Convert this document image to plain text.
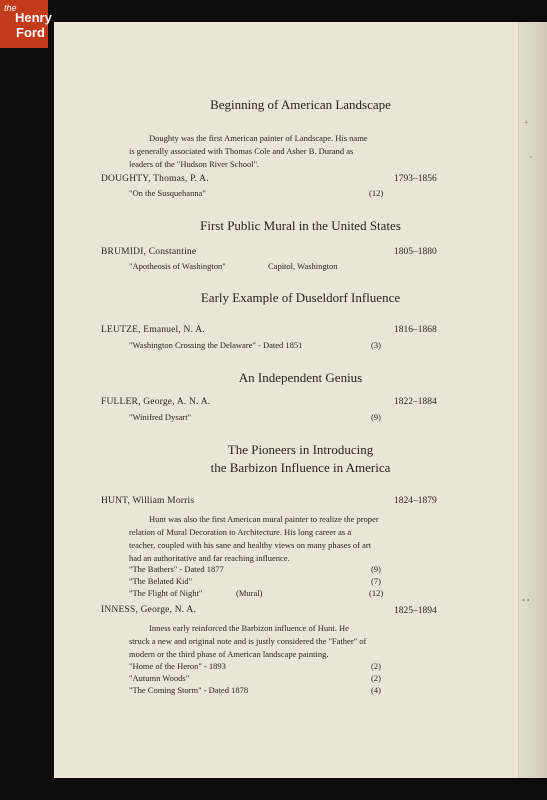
+
,
• •
the
Henry
Ford
Beginning of American Landscape
Doughty was the first American painter of Landscape. His name
is generally associated with Thomas Cole and Asher B. Durand as
leaders of the "Hudson River School".
DOUGHTY, Thomas, P. A.	1793–1856
"On the Susquehanna"	(12)
First Public Mural in the United States
BRUMIDI, Constantine	1805–1880
"Apotheosis of Washington"	Capitol, Washington
Early Example of Duseldorf Influence
LEUTZE, Emanuel, N. A.	1816–1868
"Washington Crossing the Delaware" - Dated 1851	(3)
An Independent Genius
FULLER, George, A. N. A.	1822–1884
"Winifred Dysart"	(9)
The Pioneers in Introducing
the Barbizon Influence in America
HUNT, William Morris	1824–1879
Hunt was also the first American mural painter to realize the proper
relation of Mural Decoration to Architecture. His long career as a
teacher, coupled with his sane and healthy views on many phases of art
had an authoritative and far reaching influence.
"The Bathers" - Dated 1877	(9)
"The Belated Kid"	(7)
"The Flight of Night"	(Mural)	(12)
INNESS, George, N. A.	1825–1894
Inness early reinforced the Barbizon influence of Hunt. He
struck a new and original note and is justly considered the "Father" of
modern or the third phase of American landscape painting.
"Home of the Heron" - 1893	(2)
"Autumn Woods"	(2)
"The Coming Storm" - Dated 1878	(4)
